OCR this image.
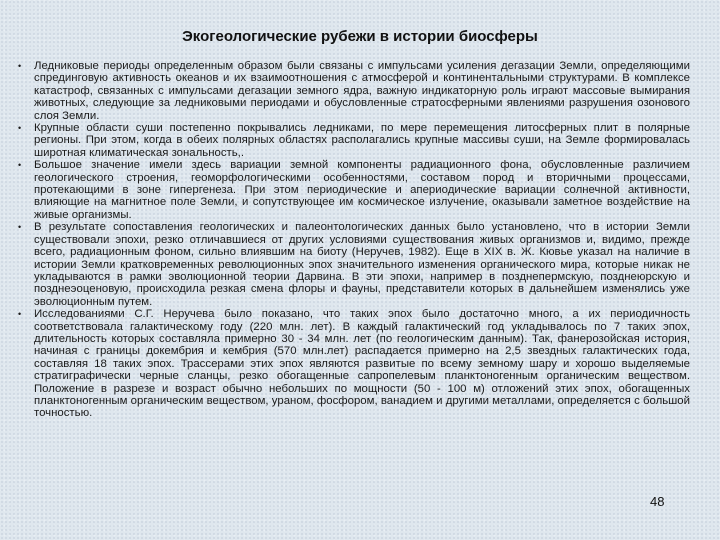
Экогеологические рубежи в истории биосферы
• Ледниковые периоды определенным образом были связаны с импульсами усиления дегазации Земли, определяющими спрединговую активность океанов и их взаимоотношения с атмосферой и континентальными структурами. В комплексе катастроф, связанных с импульсами дегазации земного ядра, важную индикаторную роль играют массовые вымирания животных, следующие за ледниковыми периодами и обусловленные стратосферными явлениями разрушения озонового слоя Земли.
• Крупные области суши постепенно покрывались ледниками, по мере перемещения литосферных плит в полярные регионы. При этом, когда в обеих полярных областях располагались крупные массивы суши, на Земле формировалась широтная климатическая зональность,.
• Большое значение имели здесь вариации земной компоненты радиационного фона, обусловленные различием геологического строения, геоморфологическими особенностями, составом пород и вторичными процессами, протекающими в зоне гипергенеза. При этом периодические и апериодические вариации солнечной активности, влияющие на магнитное поле Земли, и сопутствующее им космическое излучение, оказывали заметное воздействие на живые организмы.
• В результате сопоставления геологических и палеонтологических данных было установлено, что в истории Земли существовали эпохи, резко отличавшиеся от других условиями существования живых организмов и, видимо, прежде всего, радиационным фоном, сильно влиявшим на биоту (Неручев, 1982). Еще в XIX в. Ж. Кювье указал на наличие в истории Земли кратковременных революционных эпох значительного изменения органического мира, которые никак не укладываются в рамки эволюционной теории Дарвина. В эти эпохи, например в позднепермскую, позднеюрскую и позднеэоценовую, происходила резкая смена флоры и фауны, представители которых в дальнейшем изменялись уже эволюционным путем.
• Исследованиями С.Г. Неручева было показано, что таких эпох было достаточно много, а их периодичность соответствовала галактическому году (220 млн. лет). В каждый галактический год укладывалось по 7 таких эпох, длительность которых составляла примерно 30 - 34 млн. лет (по геологическим данным). Так, фанерозойская история, начиная с границы докембрия и кембрия (570 млн.лет) распадается примерно на 2,5 звездных галактических года, составляя 18 таких эпох. Трассерами этих эпох являются развитые по всему земному шару и хорошо выделяемые стратиграфически черные сланцы, резко обогащенные сапропелевым планктоногенным органическим веществом. Положение в разрезе и возраст обычно небольших по мощности (50 - 100 м) отложений этих эпох, обогащенных планктоногенным органическим веществом, ураном, фосфором, ванадием и другими металлами, определяется с большой точностью.
48
